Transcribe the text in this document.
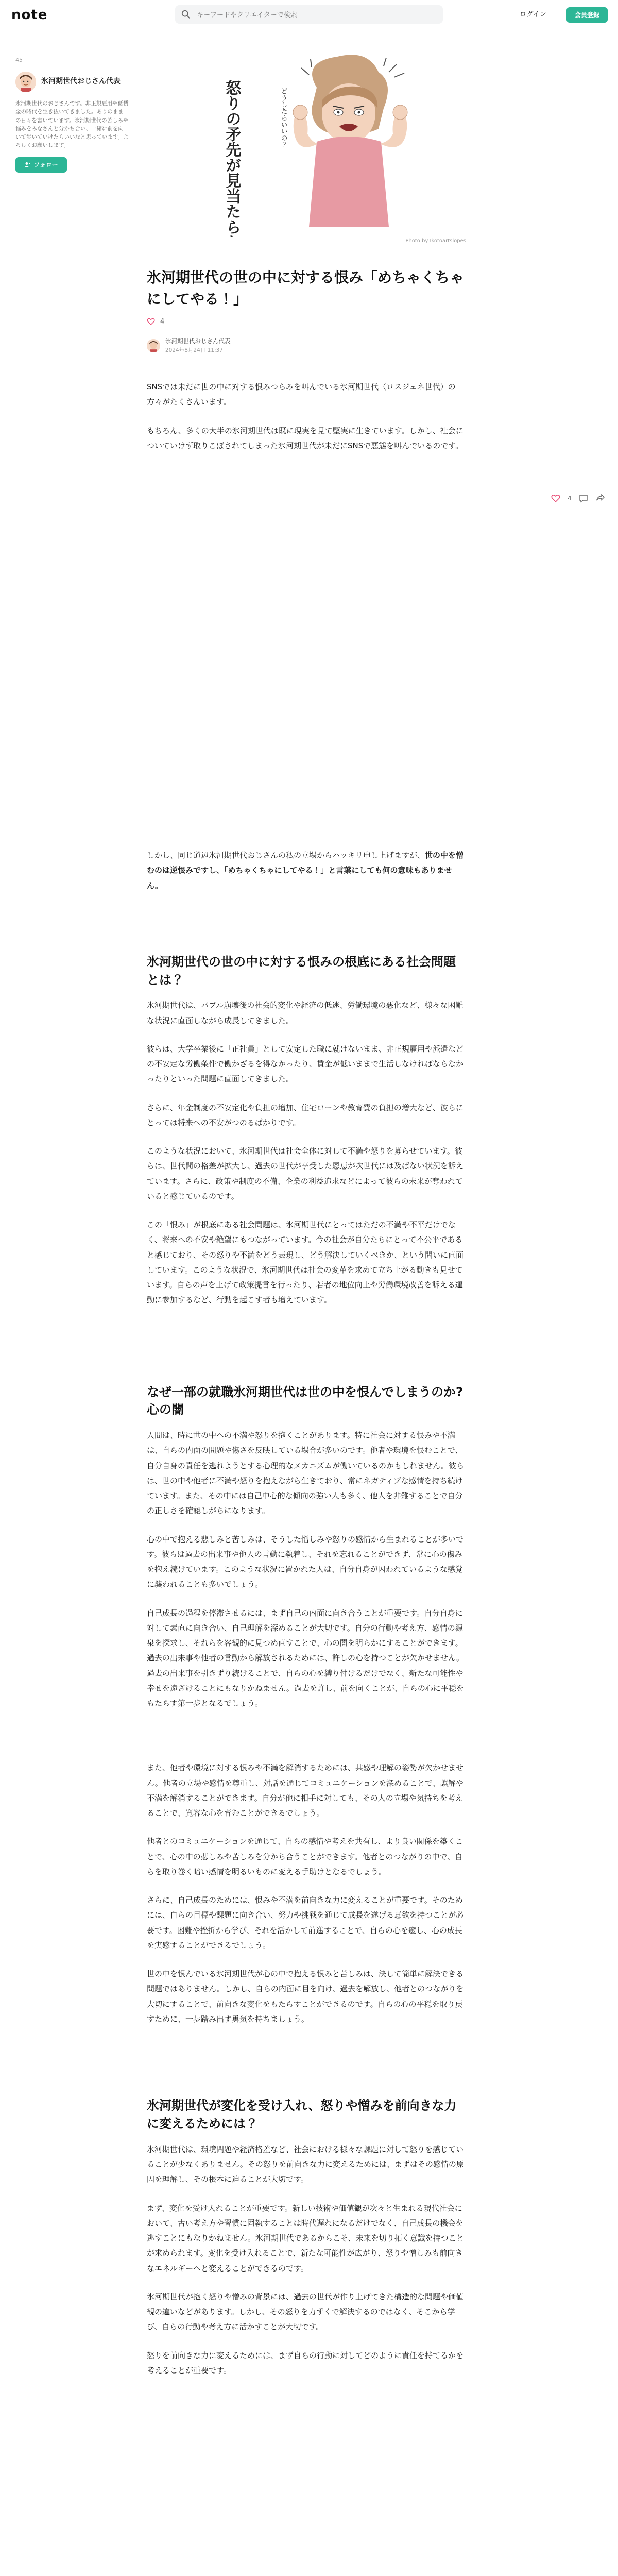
note
キーワードやクリエイターで検索	ログイン	会員登録
45
氷河期世代おじさん代表
氷河期世代のおじさんです。非正規雇用や低賃金の時代を生き抜いてきました。ありのままの日々を書いています。氷河期世代の苦しみや悩みをみなさんと分かち合い、一緒に前を向いて歩いていけたらいいなと思っています。よろしくお願いします。
フォロー	怒りの矛先が見当たらない。	どうしたらいいの？
Photo by Ikotoartslopes
氷河期世代の世の中に対する恨み「めちゃくちゃにしてやる！」
4
氷河期世代おじさん代表
2024年8月24日 11:37

SNSでは未だに世の中に対する恨みつらみを叫んでいる氷河期世代（ロスジェネ世代）の方々がたくさんいます。

もちろん、多くの大半の氷河期世代は既に現実を見て堅実に生きています。しかし、社会についていけず取りこぼされてしまった氷河期世代が未だにSNSで悪態を叫んでいるのです。

しかし、同じ道辺氷河期世代おじさんの私の立場からハッキリ申し上げますが、世の中を憎むのは逆恨みですし、「めちゃくちゃにしてやる！」と言葉にしても何の意味もありません。

氷河期世代の世の中に対する恨みの根底にある社会問題とは？

氷河期世代は、バブル崩壊後の社会的変化や経済の低迷、労働環境の悪化など、様々な困難な状況に直面しながら成長してきました。

彼らは、大学卒業後に「正社員」として安定した職に就けないまま、非正規雇用や派遣などの不安定な労働条件で働かざるを得なかったり、賃金が低いままで生活しなければならなかったりといった問題に直面してきました。

さらに、年金制度の不安定化や負担の増加、住宅ローンや教育費の負担の増大など、彼らにとっては将来への不安がつのるばかりです。

このような状況において、氷河期世代は社会全体に対して不満や怒りを募らせています。彼らは、世代間の格差が拡大し、過去の世代が享受した恩恵が次世代には及ばない状況を訴えています。さらに、政策や制度の不備、企業の利益追求などによって彼らの未来が奪われていると感じているのです。

この「恨み」が根底にある社会問題は、氷河期世代にとってはただの不満や不平だけでなく、将来への不安や絶望にもつながっています。今の社会が自分たちにとって不公平であると感じており、その怒りや不満をどう表現し、どう解決していくべきか、という問いに直面しています。このような状況で、氷河期世代は社会の変革を求めて立ち上がる動きも見せています。自らの声を上げて政策提言を行ったり、若者の地位向上や労働環境改善を訴える運動に参加するなど、行動を起こす者も増えています。

なぜ一部の就職氷河期世代は世の中を恨んでしまうのか?心の闇

人間は、時に世の中への不満や怒りを抱くことがあります。特に社会に対する恨みや不満は、自らの内面の問題や傷さを反映している場合が多いのです。他者や環境を恨むことで、自分自身の責任を逃れようとする心理的なメカニズムが働いているのかもしれません。彼らは、世の中や他者に不満や怒りを抱えながら生きており、常にネガティブな感情を持ち続けています。また、その中には自己中心的な傾向の強い人も多く、他人を非難することで自分の正しさを確認しがちになります。

心の中で抱える悲しみと苦しみは、そうした憎しみや怒りの感情から生まれることが多いです。彼らは過去の出来事や他人の言動に執着し、それを忘れることができず、常に心の傷みを抱え続けています。このような状況に置かれた人は、自分自身が囚われているような感覚に襲われることも多いでしょう。

自己成長の過程を停滞させるには、まず自己の内面に向き合うことが重要です。自分自身に対して素直に向き合い、自己理解を深めることが大切です。自分の行動や考え方、感情の源泉を探求し、それらを客観的に見つめ直すことで、心の闇を明らかにすることができます。過去の出来事や他者の言動から解放されるためには、許しの心を持つことが欠かせません。過去の出来事を引きずり続けることで、自らの心を縛り付けるだけでなく、新たな可能性や幸せを遠ざけることにもなりかねません。過去を許し、前を向くことが、自らの心に平穏をもたらす第一歩となるでしょう。

また、他者や環境に対する恨みや不満を解消するためには、共感や理解の姿勢が欠かせません。他者の立場や感情を尊重し、対話を通じてコミュニケーションを深めることで、誤解や不満を解消することができます。自分が他に相手に対しても、その人の立場や気持ちを考えることで、寛容な心を育むことができるでしょう。

他者とのコミュニケーションを通じて、自らの感情や考えを共有し、より良い関係を築くことで、心の中の悲しみや苦しみを分かち合うことができます。他者とのつながりの中で、自らを取り巻く暗い感情を明るいものに変える手助けとなるでしょう。

さらに、自己成長のためには、恨みや不満を前向きな力に変えることが重要です。そのためには、自らの目標や課題に向き合い、努力や挑戦を通じて成長を遂げる意欲を持つことが必要です。困難や挫折から学び、それを活かして前進することで、自らの心を癒し、心の成長を実感することができるでしょう。

世の中を恨んでいる氷河期世代が心の中で抱える恨みと苦しみは、決して簡単に解決できる問題ではありません。しかし、自らの内面に目を向け、過去を解放し、他者とのつながりを大切にすることで、前向きな変化をもたらすことができるのです。自らの心の平穏を取り戻すために、一歩踏み出す勇気を持ちましょう。

氷河期世代が変化を受け入れ、怒りや憎みを前向きな力に変えるためには？

氷河期世代は、環境問題や経済格差など、社会における様々な課題に対して怒りを感じていることが少なくありません。その怒りを前向きな力に変えるためには、まずはその感情の原因を理解し、その根本に迫ることが大切です。

まず、変化を受け入れることが重要です。新しい技術や価値観が次々と生まれる現代社会において、古い考え方や習慣に固執することは時代遅れになるだけでなく、自己成長の機会を逃すことにもなりかねません。氷河期世代であるからこそ、未来を切り拓く意識を持つことが求められます。変化を受け入れることで、新たな可能性が広がり、怒りや憎しみも前向きなエネルギーへと変えることができるのです。

氷河期世代が抱く怒りや憎みの背景には、過去の世代が作り上げてきた構造的な問題や価値観の違いなどがあります。しかし、その怒りを力ずくで解決するのではなく、そこから学び、自らの行動や考え方に活かすことが大切です。

怒りを前向きな力に変えるためには、まず自らの行動に対してどのように責任を持てるかを考えることが重要です。

4
